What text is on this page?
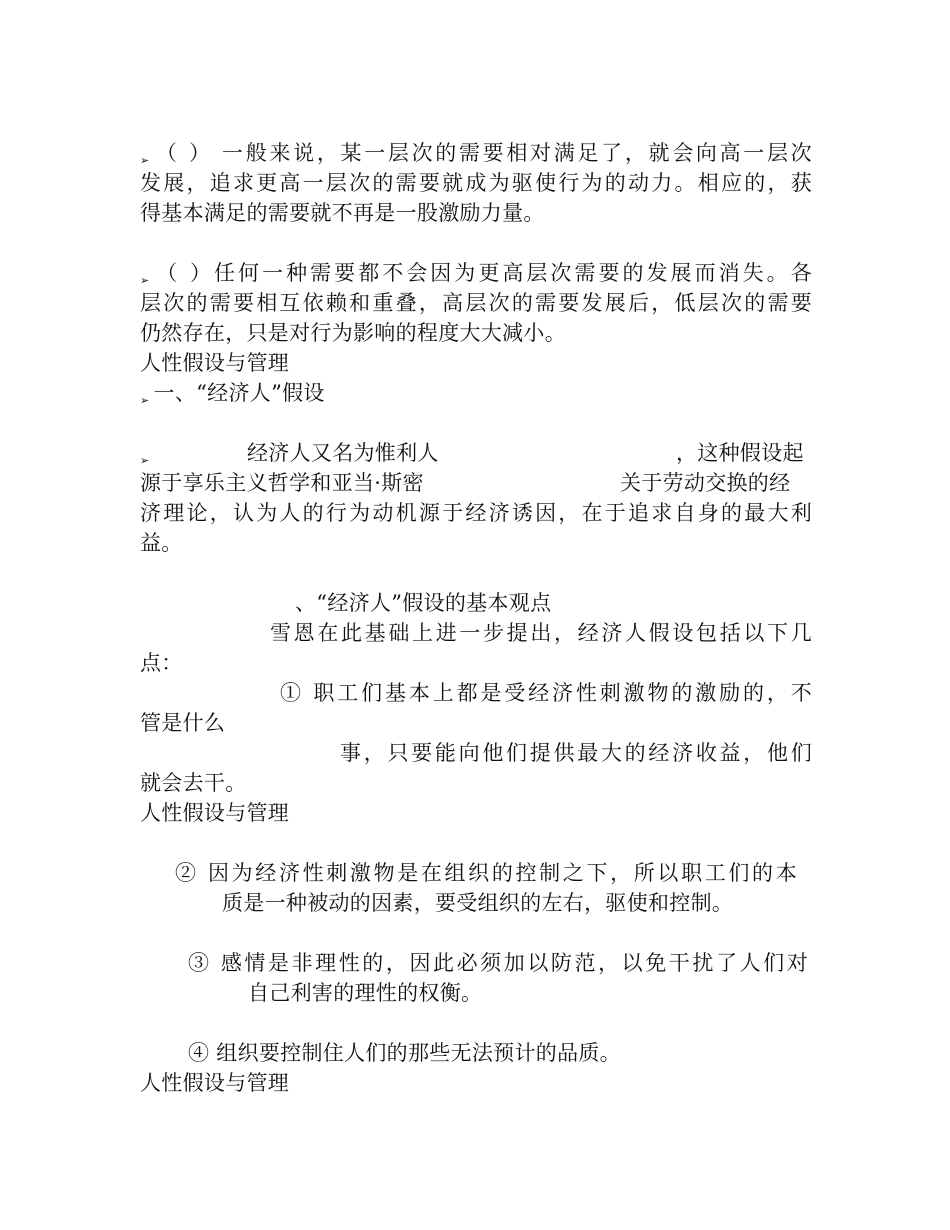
➢ （ ） 一般来说，某一层次的需要相对满足了，就会向高一层次
发展，追求更高一层次的需要就成为驱使行为的动力。相应的，获
得基本满足的需要就不再是一股激励力量。
➢ （ ）任何一种需要都不会因为更高层次需要的发展而消失。各
层次的需要相互依赖和重叠，高层次的需要发展后，低层次的需要
仍然存在，只是对行为影响的程度大大减小。
人性假设与管理
➢ 一、“经济人”假设
➢	经济人又名为惟利人	，这种假设起
源于享乐主义哲学和亚当·斯密	关于劳动交换的经
济理论，认为人的行为动机源于经济诱因，在于追求自身的最大利
益。
、“经济人”假设的基本观点
雪恩在此基础上进一步提出，经济人假设包括以下几
点：
① 职工们基本上都是受经济性刺激物的激励的，不
管是什么
事，只要能向他们提供最大的经济收益，他们
就会去干。
人性假设与管理
② 因为经济性刺激物是在组织的控制之下，所以职工们的本
质是一种被动的因素，要受组织的左右，驱使和控制。
③ 感情是非理性的，因此必须加以防范，以免干扰了人们对
自己利害的理性的权衡。
④ 组织要控制住人们的那些无法预计的品质。
人性假设与管理
